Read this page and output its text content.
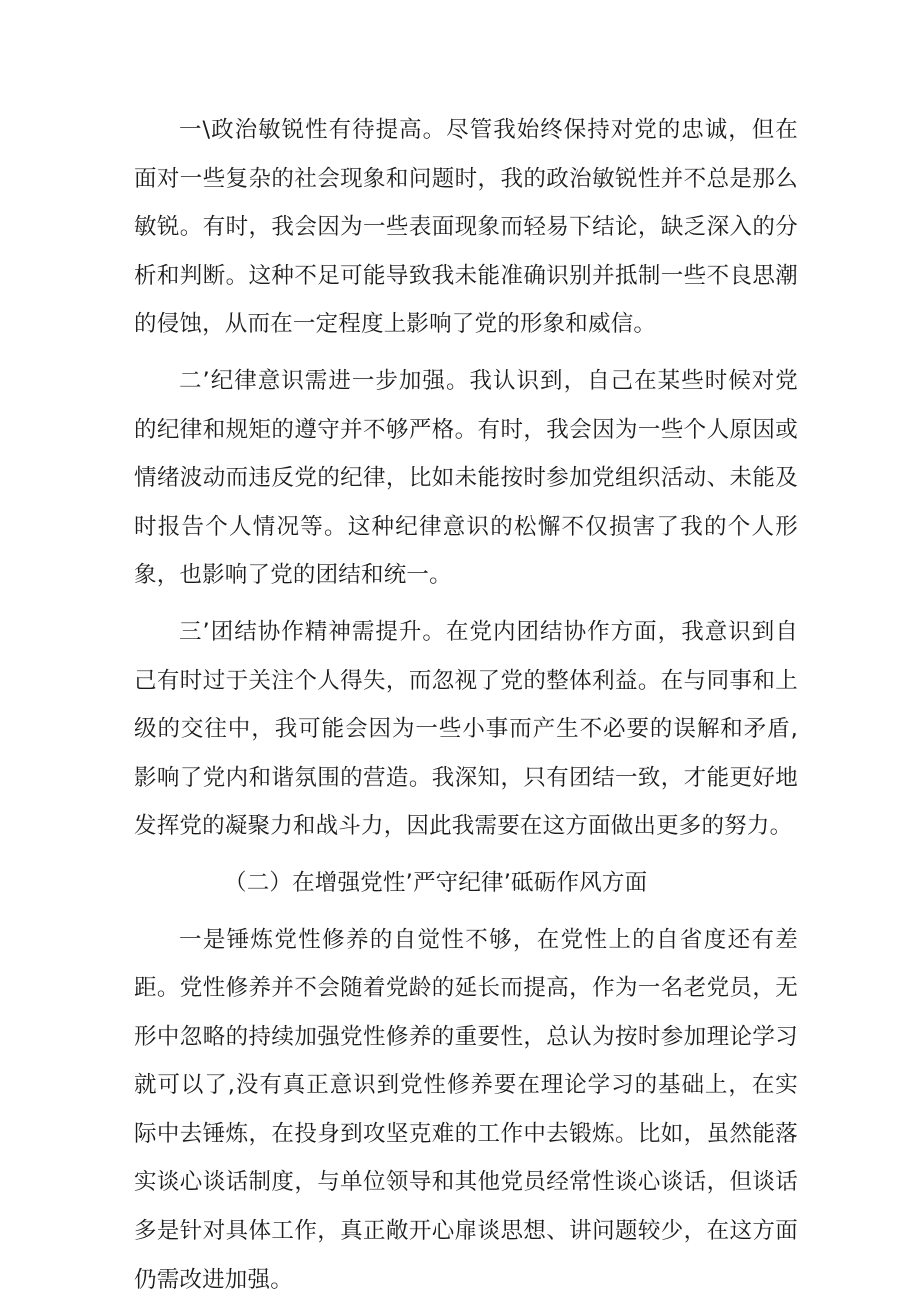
一\政治敏锐性有待提高。尽管我始终保持对党的忠诚，但在面对一些复杂的社会现象和问题时，我的政治敏锐性并不总是那么敏锐。有时，我会因为一些表面现象而轻易下结论，缺乏深入的分析和判断。这种不足可能导致我未能准确识别并抵制一些不良思潮的侵蚀，从而在一定程度上影响了党的形象和威信。

二’纪律意识需进一步加强。我认识到，自己在某些时候对党的纪律和规矩的遵守并不够严格。有时，我会因为一些个人原因或情绪波动而违反党的纪律，比如未能按时参加党组织活动、未能及时报告个人情况等。这种纪律意识的松懈不仅损害了我的个人形象，也影响了党的团结和统一。

三’团结协作精神需提升。在党内团结协作方面，我意识到自己有时过于关注个人得失，而忽视了党的整体利益。在与同事和上级的交往中，我可能会因为一些小事而产生不必要的误解和矛盾,影响了党内和谐氛围的营造。我深知，只有团结一致，才能更好地发挥党的凝聚力和战斗力，因此我需要在这方面做出更多的努力。

（二）在增强党性’严守纪律’砥砺作风方面

一是锤炼党性修养的自觉性不够，在党性上的自省度还有差距。党性修养并不会随着党龄的延长而提高，作为一名老党员，无形中忽略的持续加强党性修养的重要性，总认为按时参加理论学习就可以了,没有真正意识到党性修养要在理论学习的基础上，在实际中去锤炼，在投身到攻坚克难的工作中去锻炼。比如，虽然能落实谈心谈话制度，与单位领导和其他党员经常性谈心谈话，但谈话多是针对具体工作，真正敞开心扉谈思想、讲问题较少，在这方面仍需改进加强。
